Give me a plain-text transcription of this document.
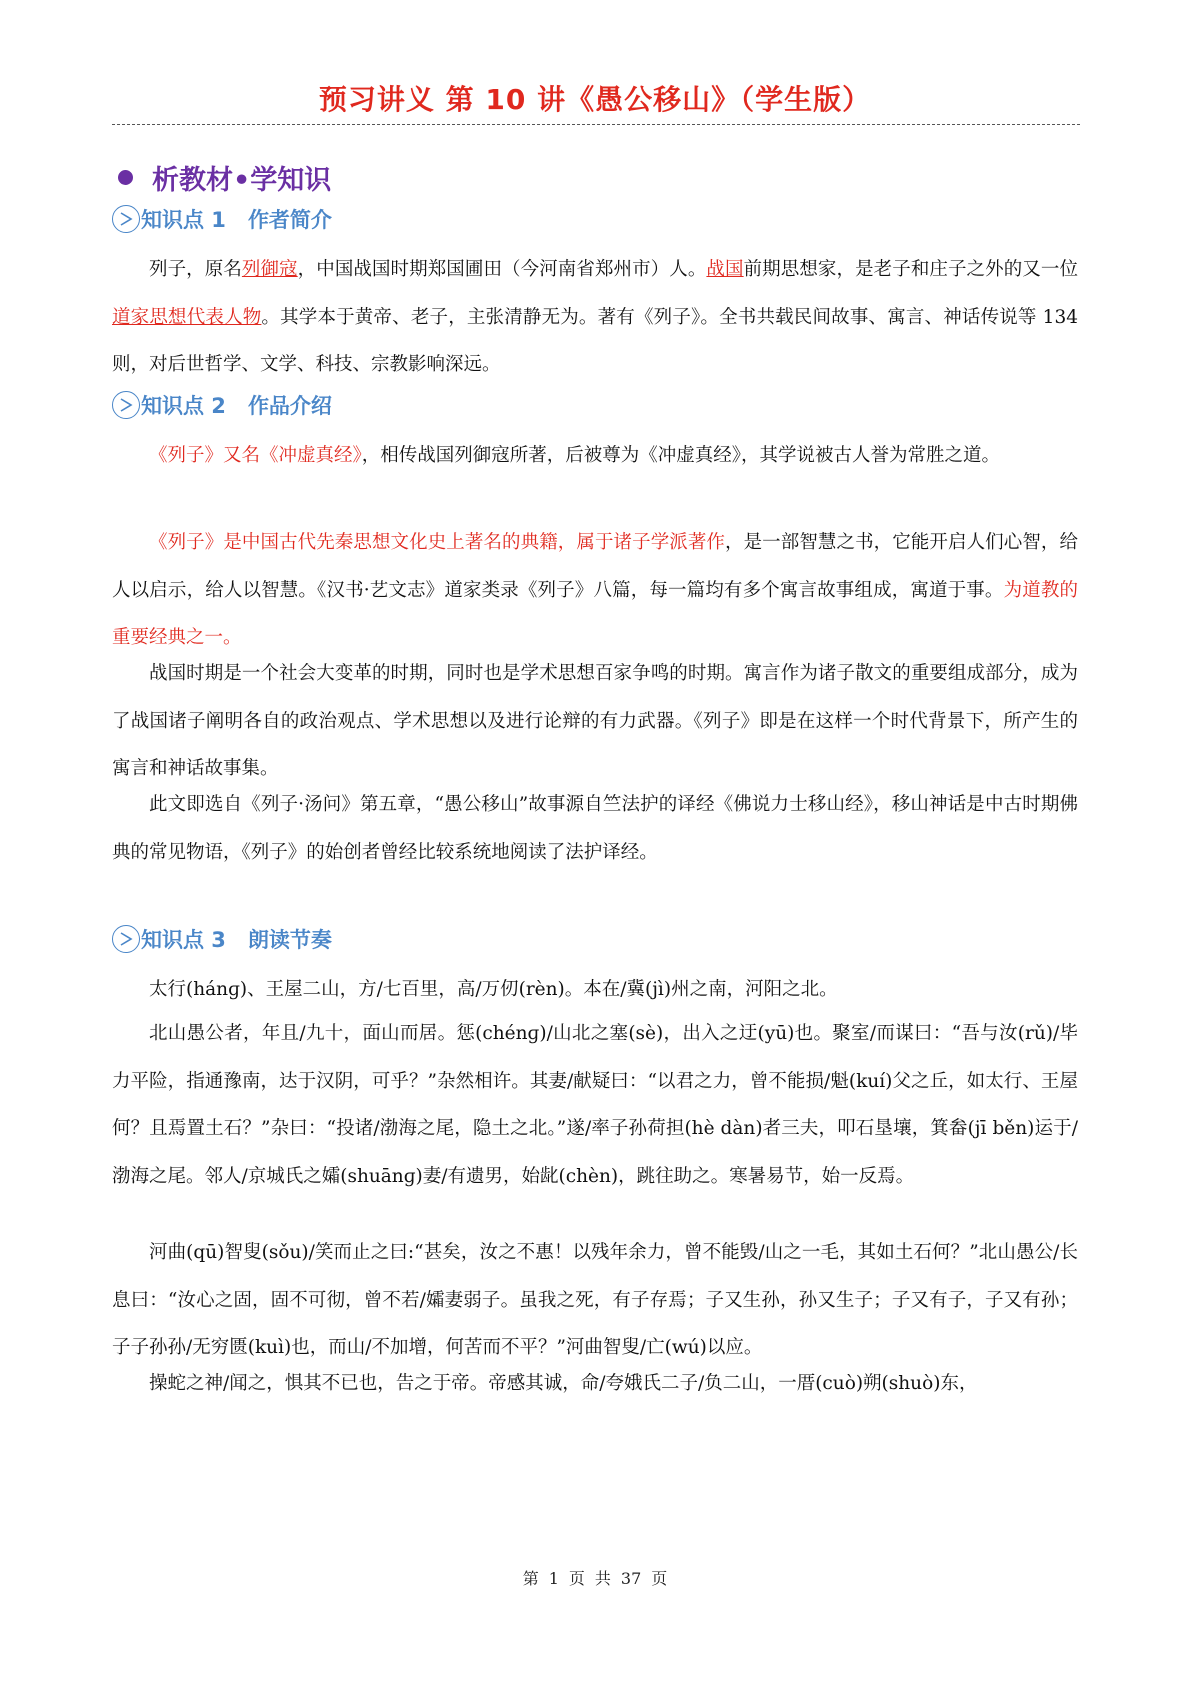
预习讲义 第 10 讲《愚公移山》（学生版）
析教材•学知识
知识点 1 作者简介

列子，原名列御寇，中国战国时期郑国圃田（今河南省郑州市）人。战国前期思想家，是老子和庄子之外的又一位道家思想代表人物。其学本于黄帝、老子，主张清静无为。著有《列子》。全书共载民间故事、寓言、神话传说等 134 则，对后世哲学、文学、科技、宗教影响深远。

知识点 2 作品介绍

《列子》又名《冲虚真经》，相传战国列御寇所著，后被尊为《冲虚真经》，其学说被古人誉为常胜之道。

《列子》是中国古代先秦思想文化史上著名的典籍，属于诸子学派著作，是一部智慧之书，它能开启人们心智，给人以启示，给人以智慧。《汉书·艺文志》道家类录《列子》八篇，每一篇均有多个寓言故事组成，寓道于事。为道教的重要经典之一。

战国时期是一个社会大变革的时期，同时也是学术思想百家争鸣的时期。寓言作为诸子散文的重要组成部分，成为了战国诸子阐明各自的政治观点、学术思想以及进行论辩的有力武器。《列子》即是在这样一个时代背景下，所产生的寓言和神话故事集。

此文即选自《列子·汤问》第五章，“愚公移山”故事源自竺法护的译经《佛说力士移山经》，移山神话是中古时期佛典的常见物语，《列子》的始创者曾经比较系统地阅读了法护译经。

知识点 3 朗读节奏

太行(hánɡ)、王屋二山，方/七百里，高/万仞(rèn)。本在/冀(jì)州之南，河阳之北。

北山愚公者，年且/九十，面山而居。惩(chénɡ)/山北之塞(sè)，出入之迂(yū)也。聚室/而谋曰：“吾与汝(rǔ)/毕力平险，指通豫南，达于汉阴，可乎？”杂然相许。其妻/献疑曰：“以君之力，曾不能损/魁(kuí)父之丘，如太行、王屋何？且焉置土石？”杂曰：“投诸/渤海之尾，隐土之北。”遂/率子孙荷担(hè dàn)者三夫，叩石垦壤，箕畚(jī běn)运于/渤海之尾。邻人/京城氏之孀(shuānɡ)妻/有遗男，始龀(chèn)，跳往助之。寒暑易节，始一反焉。

河曲(qū)智叟(sǒu)/笑而止之曰:“甚矣，汝之不惠！以残年余力，曾不能毁/山之一毛，其如土石何？”北山愚公/长息曰：“汝心之固，固不可彻，曾不若/孀妻弱子。虽我之死，有子存焉；子又生孙，孙又生子；子又有子，子又有孙；子子孙孙/无穷匮(kuì)也，而山/不加增，何苦而不平？”河曲智叟/亡(wú)以应。

操蛇之神/闻之，惧其不已也，告之于帝。帝感其诚，命/夸娥氏二子/负二山，一厝(cuò)朔(shuò)东，

第 1 页 共 37 页
